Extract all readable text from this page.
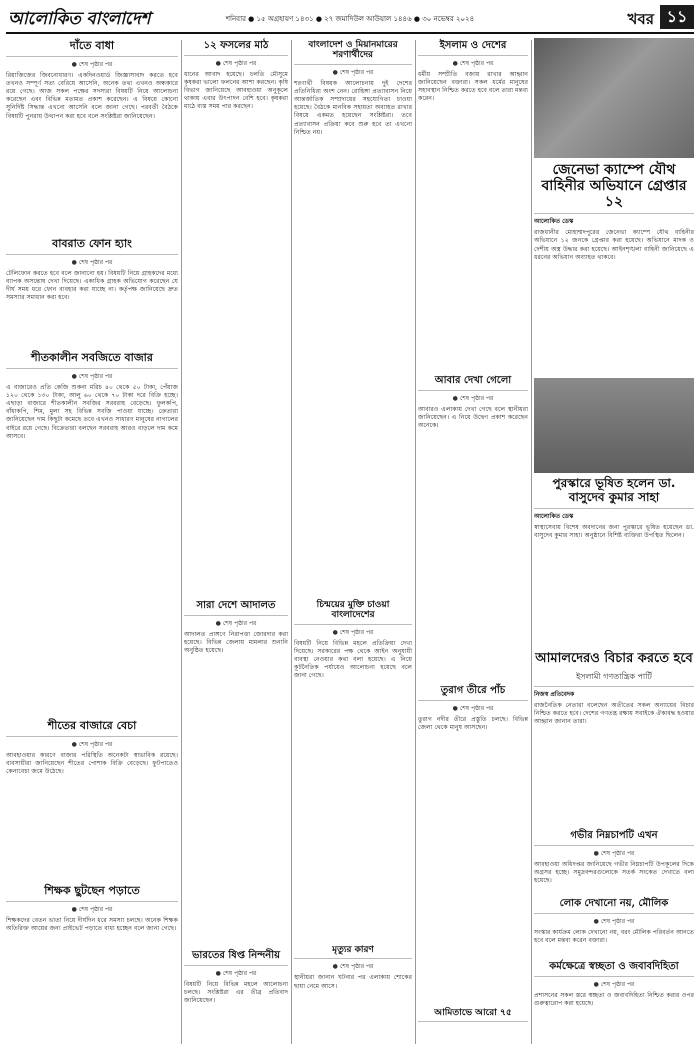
আলোকিত বাংলাদেশ	শনিবার ● ১৫ অগ্রহায়ণ ১৪৩১ ● ২৭ জমাদিউল আউয়াল ১৪৪৬ ● ৩০ নভেম্বর ২০২৪	খবর ১১
দাঁতে বাধা
● শেষ পৃষ্ঠার পর
রিয়াজিজের জিবনোধারণ। একদিনওয়ার্ড জিজ্ঞাসাবাদ করতে হবে তখনও সম্পূর্ণ সত্য বেরিয়ে আসেনি, অনেক তথ্য এখনও অন্ধকারে রয়ে গেছে। আজ সকল পক্ষের সদস্যরা বিষয়টি নিয়ে আলোচনা করেছেন এবং বিভিন্ন মতামত প্রকাশ করেছেন। এ বিষয়ে কোনো সুনির্দিষ্ট সিদ্ধান্ত এখনো আসেনি বলে জানা গেছে। পরবর্তী বৈঠকে বিষয়টি পুনরায় উত্থাপন করা হবে বলে সংশ্লিষ্টরা জানিয়েছেন।
বাবরাত ফোন হ্যাং
● শেষ পৃষ্ঠার পর
টেলিফোন করতে হবে বলে জানানো হয়। বিষয়টি নিয়ে গ্রাহকদের মধ্যে ব্যাপক অসন্তোষ দেখা দিয়েছে। একাধিক গ্রাহক অভিযোগ করেছেন যে দীর্ঘ সময় ধরে ফোন ব্যবহার করা যাচ্ছে না। কর্তৃপক্ষ জানিয়েছে দ্রুত সমস্যার সমাধান করা হবে।
শীতকালীন সবজিতে বাজার
● শেষ পৃষ্ঠার পর
এ বাজারেও প্রতি কেজি শুকনা মরিচ ৪০ থেকে ৫০ টাকা, পেঁয়াজ ১২০ থেকে ১৩০ টাকা, আলু ৬০ থেকে ৭০ টাকা দরে বিক্রি হচ্ছে। এছাড়া বাজারে শীতকালীন সবজির সরবরাহ বেড়েছে। ফুলকপি, বাঁধাকপি, শিম, মুলা সহ বিভিন্ন সবজি পাওয়া যাচ্ছে। ক্রেতারা জানিয়েছেন দাম কিছুটা কমেছে তবে এখনও সাধারণ মানুষের নাগালের বাইরে রয়ে গেছে। বিক্রেতারা বলছেন সরবরাহ আরও বাড়লে দাম কমে আসবে।
শীতের বাজারে বেচা
● শেষ পৃষ্ঠার পর
আবহাওয়ার কারণে বাজার পরিস্থিতি অনেকটা স্বাভাবিক রয়েছে। ব্যবসায়ীরা জানিয়েছেন শীতের পোশাক বিক্রি বেড়েছে। ফুটপাতেও কেনাবেচা জমে উঠেছে।
শিক্ষক ছুটছেন পড়াতে
● শেষ পৃষ্ঠার পর
শিক্ষকদের বেতন ভাতা নিয়ে দীর্ঘদিন ধরে সমস্যা চলছে। অনেক শিক্ষক অতিরিক্ত আয়ের জন্য প্রাইভেট পড়াতে বাধ্য হচ্ছেন বলে জানা গেছে।
১২ ফসলের মাঠ
● শেষ পৃষ্ঠার পর
ধানের আবাদ হয়েছে। চলতি মৌসুমে কৃষকরা ভালো ফলনের আশা করছেন। কৃষি বিভাগ জানিয়েছে আবহাওয়া অনুকূলে থাকায় এবার উৎপাদন বেশি হবে। কৃষকরা মাঠে ব্যস্ত সময় পার করছেন।
সারা দেশে আদালত
● শেষ পৃষ্ঠার পর
আদালত প্রাঙ্গণে নিরাপত্তা জোরদার করা হয়েছে। বিভিন্ন জেলায় মামলার শুনানি অনুষ্ঠিত হয়েছে।
ভারতের ষিপ্ত নিন্দনীয়
● শেষ পৃষ্ঠার পর
বিষয়টি নিয়ে বিভিন্ন মহলে আলোচনা চলছে। সংশ্লিষ্টরা এর তীব্র প্রতিবাদ জানিয়েছেন।
বাংলাদেশ ও মিয়ানমারের শরণার্থীদের
● শেষ পৃষ্ঠার পর
শরণার্থী বিষয়ক আলোচনায় দুই দেশের প্রতিনিধিরা অংশ নেন। রোহিঙ্গা প্রত্যাবাসন নিয়ে আন্তর্জাতিক সম্প্রদায়ের সহযোগিতা চাওয়া হয়েছে। বৈঠকে মানবিক সহায়তা অব্যাহত রাখার বিষয়ে একমত হয়েছেন সংশ্লিষ্টরা। তবে প্রত্যাবাসন প্রক্রিয়া কবে শুরু হবে তা এখনো নিশ্চিত নয়।
চিন্ময়ের মুক্তি চাওয়া বাংলাদেশের
● শেষ পৃষ্ঠার পর
বিষয়টি নিয়ে বিভিন্ন মহলে প্রতিক্রিয়া দেখা দিয়েছে। সরকারের পক্ষ থেকে আইন অনুযায়ী ব্যবস্থা নেওয়ার কথা বলা হয়েছে। এ নিয়ে কূটনৈতিক পর্যায়েও আলোচনা হয়েছে বলে জানা গেছে।
মৃত্যুর কারণ
● শেষ পৃষ্ঠার পর
স্থানীয়রা জানান ঘটনার পর এলাকায় শোকের ছায়া নেমে আসে।
ইসলাম ও দেশের
● শেষ পৃষ্ঠার পর
ধর্মীয় সম্প্রীতি বজায় রাখার আহ্বান জানিয়েছেন বক্তারা। সকল ধর্মের মানুষের সহাবস্থান নিশ্চিত করতে হবে বলে তারা মন্তব্য করেন।
আবার দেখা গেলো
● শেষ পৃষ্ঠার পর
আবারও এলাকায় দেখা গেছে বলে স্থানীয়রা জানিয়েছেন। এ নিয়ে উদ্বেগ প্রকাশ করেছেন অনেকে।
তুরাগ তীরে পাঁচ
● শেষ পৃষ্ঠার পর
তুরাগ নদীর তীরে প্রস্তুতি চলছে। বিভিন্ন জেলা থেকে মানুষ আসছেন।
আমিতাভে আরো ৭৫
জেনেভা ক্যাম্পে যৌথ বাহিনীর অভিযানে গ্রেপ্তার ১২
আলোকিত ডেস্ক
রাজধানীর মোহাম্মদপুরের জেনেভা ক্যাম্পে যৌথ বাহিনীর অভিযানে ১২ জনকে গ্রেপ্তার করা হয়েছে। অভিযানে মাদক ও দেশীয় অস্ত্র উদ্ধার করা হয়েছে। আইনশৃঙ্খলা বাহিনী জানিয়েছে এ ধরনের অভিযান অব্যাহত থাকবে।
পুরস্কারে ভূষিত হলেন ডা. বাসুদেব কুমার সাহা
আলোকিত ডেস্ক
স্বাস্থ্যসেবায় বিশেষ অবদানের জন্য পুরস্কারে ভূষিত হয়েছেন ডা. বাসুদেব কুমার সাহা। অনুষ্ঠানে বিশিষ্ট ব্যক্তিরা উপস্থিত ছিলেন।
আমালদেরও বিচার করতে হবে
ইসলামী গণতান্ত্রিক পার্টি
নিজস্ব প্রতিবেদক
রাজনৈতিক নেতারা বলেছেন অতীতের সকল অন্যায়ের বিচার নিশ্চিত করতে হবে। দেশের গণতন্ত্র রক্ষায় সবাইকে ঐক্যবদ্ধ হওয়ার আহ্বান জানান তারা।
গভীর নিম্নচাপটি এখন
● শেষ পৃষ্ঠার পর
আবহাওয়া অধিদপ্তর জানিয়েছে গভীর নিম্নচাপটি উপকূলের দিকে অগ্রসর হচ্ছে। সমুদ্রবন্দরগুলোকে সতর্ক সংকেত দেখাতে বলা হয়েছে।
লোক দেখানো নয়, মৌলিক
● শেষ পৃষ্ঠার পর
সংস্কার কার্যক্রম লোক দেখানো নয়, বরং মৌলিক পরিবর্তন আনতে হবে বলে মন্তব্য করেন বক্তারা।
কর্মক্ষেত্রে স্বচ্ছতা ও জবাবদিহিতা
● শেষ পৃষ্ঠার পর
প্রশাসনের সকল স্তরে স্বচ্ছতা ও জবাবদিহিতা নিশ্চিত করার ওপর গুরুত্বারোপ করা হয়েছে।
